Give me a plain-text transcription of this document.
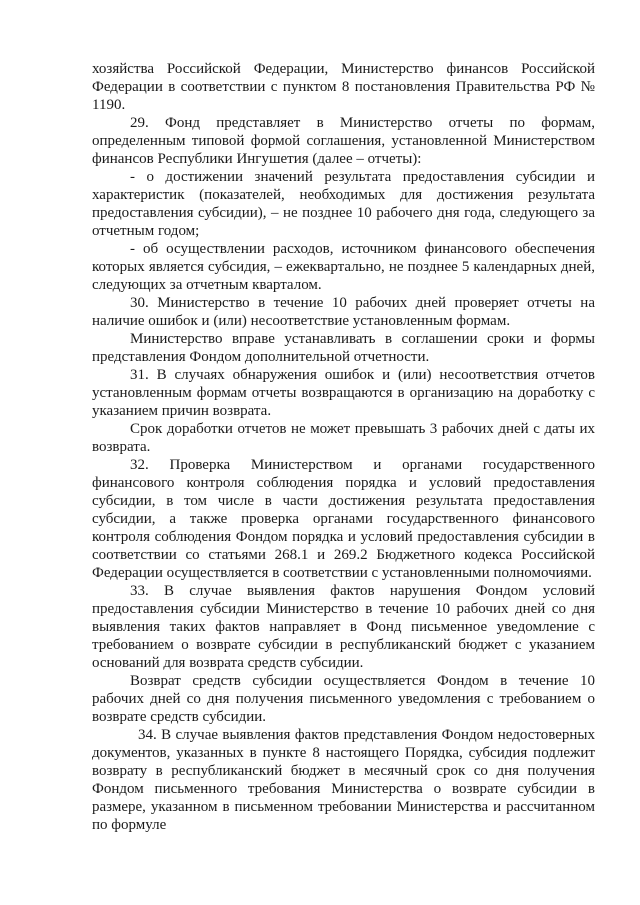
хозяйства Российской Федерации, Министерство финансов Российской Федерации в соответствии с пунктом 8 постановления Правительства РФ № 1190.

29. Фонд представляет в Министерство отчеты по формам, определенным типовой формой соглашения, установленной Министерством финансов Республики Ингушетия (далее – отчеты):

- о достижении значений результата предоставления субсидии и характеристик (показателей, необходимых для достижения результата предоставления субсидии), – не позднее 10 рабочего дня года, следующего за отчетным годом;

- об осуществлении расходов, источником финансового обеспечения которых является субсидия, – ежеквартально, не позднее 5 календарных дней, следующих за отчетным кварталом.

30. Министерство в течение 10 рабочих дней проверяет отчеты на наличие ошибок и (или) несоответствие установленным формам.

Министерство вправе устанавливать в соглашении сроки и формы представления Фондом дополнительной отчетности.

31. В случаях обнаружения ошибок и (или) несоответствия отчетов установленным формам отчеты возвращаются в организацию на доработку с указанием причин возврата.

Срок доработки отчетов не может превышать 3 рабочих дней с даты их возврата.

32. Проверка Министерством и органами государственного финансового контроля соблюдения порядка и условий предоставления субсидии, в том числе в части достижения результата предоставления субсидии, а также проверка органами государственного финансового контроля соблюдения Фондом порядка и условий предоставления субсидии в соответствии со статьями 268.1 и 269.2 Бюджетного кодекса Российской Федерации осуществляется в соответствии с установленными полномочиями.

33. В случае выявления фактов нарушения Фондом условий предоставления субсидии Министерство в течение 10 рабочих дней со дня выявления таких фактов направляет в Фонд письменное уведомление с требованием о возврате субсидии в республиканский бюджет с указанием оснований для возврата средств субсидии.

Возврат средств субсидии осуществляется Фондом в течение 10 рабочих дней со дня получения письменного уведомления с требованием о возврате средств субсидии.

34. В случае выявления фактов представления Фондом недостоверных документов, указанных в пункте 8 настоящего Порядка, субсидия подлежит возврату в республиканский бюджет в месячный срок со дня получения Фондом письменного требования Министерства о возврате субсидии в размере, указанном в письменном требовании Министерства и рассчитанном по формуле
